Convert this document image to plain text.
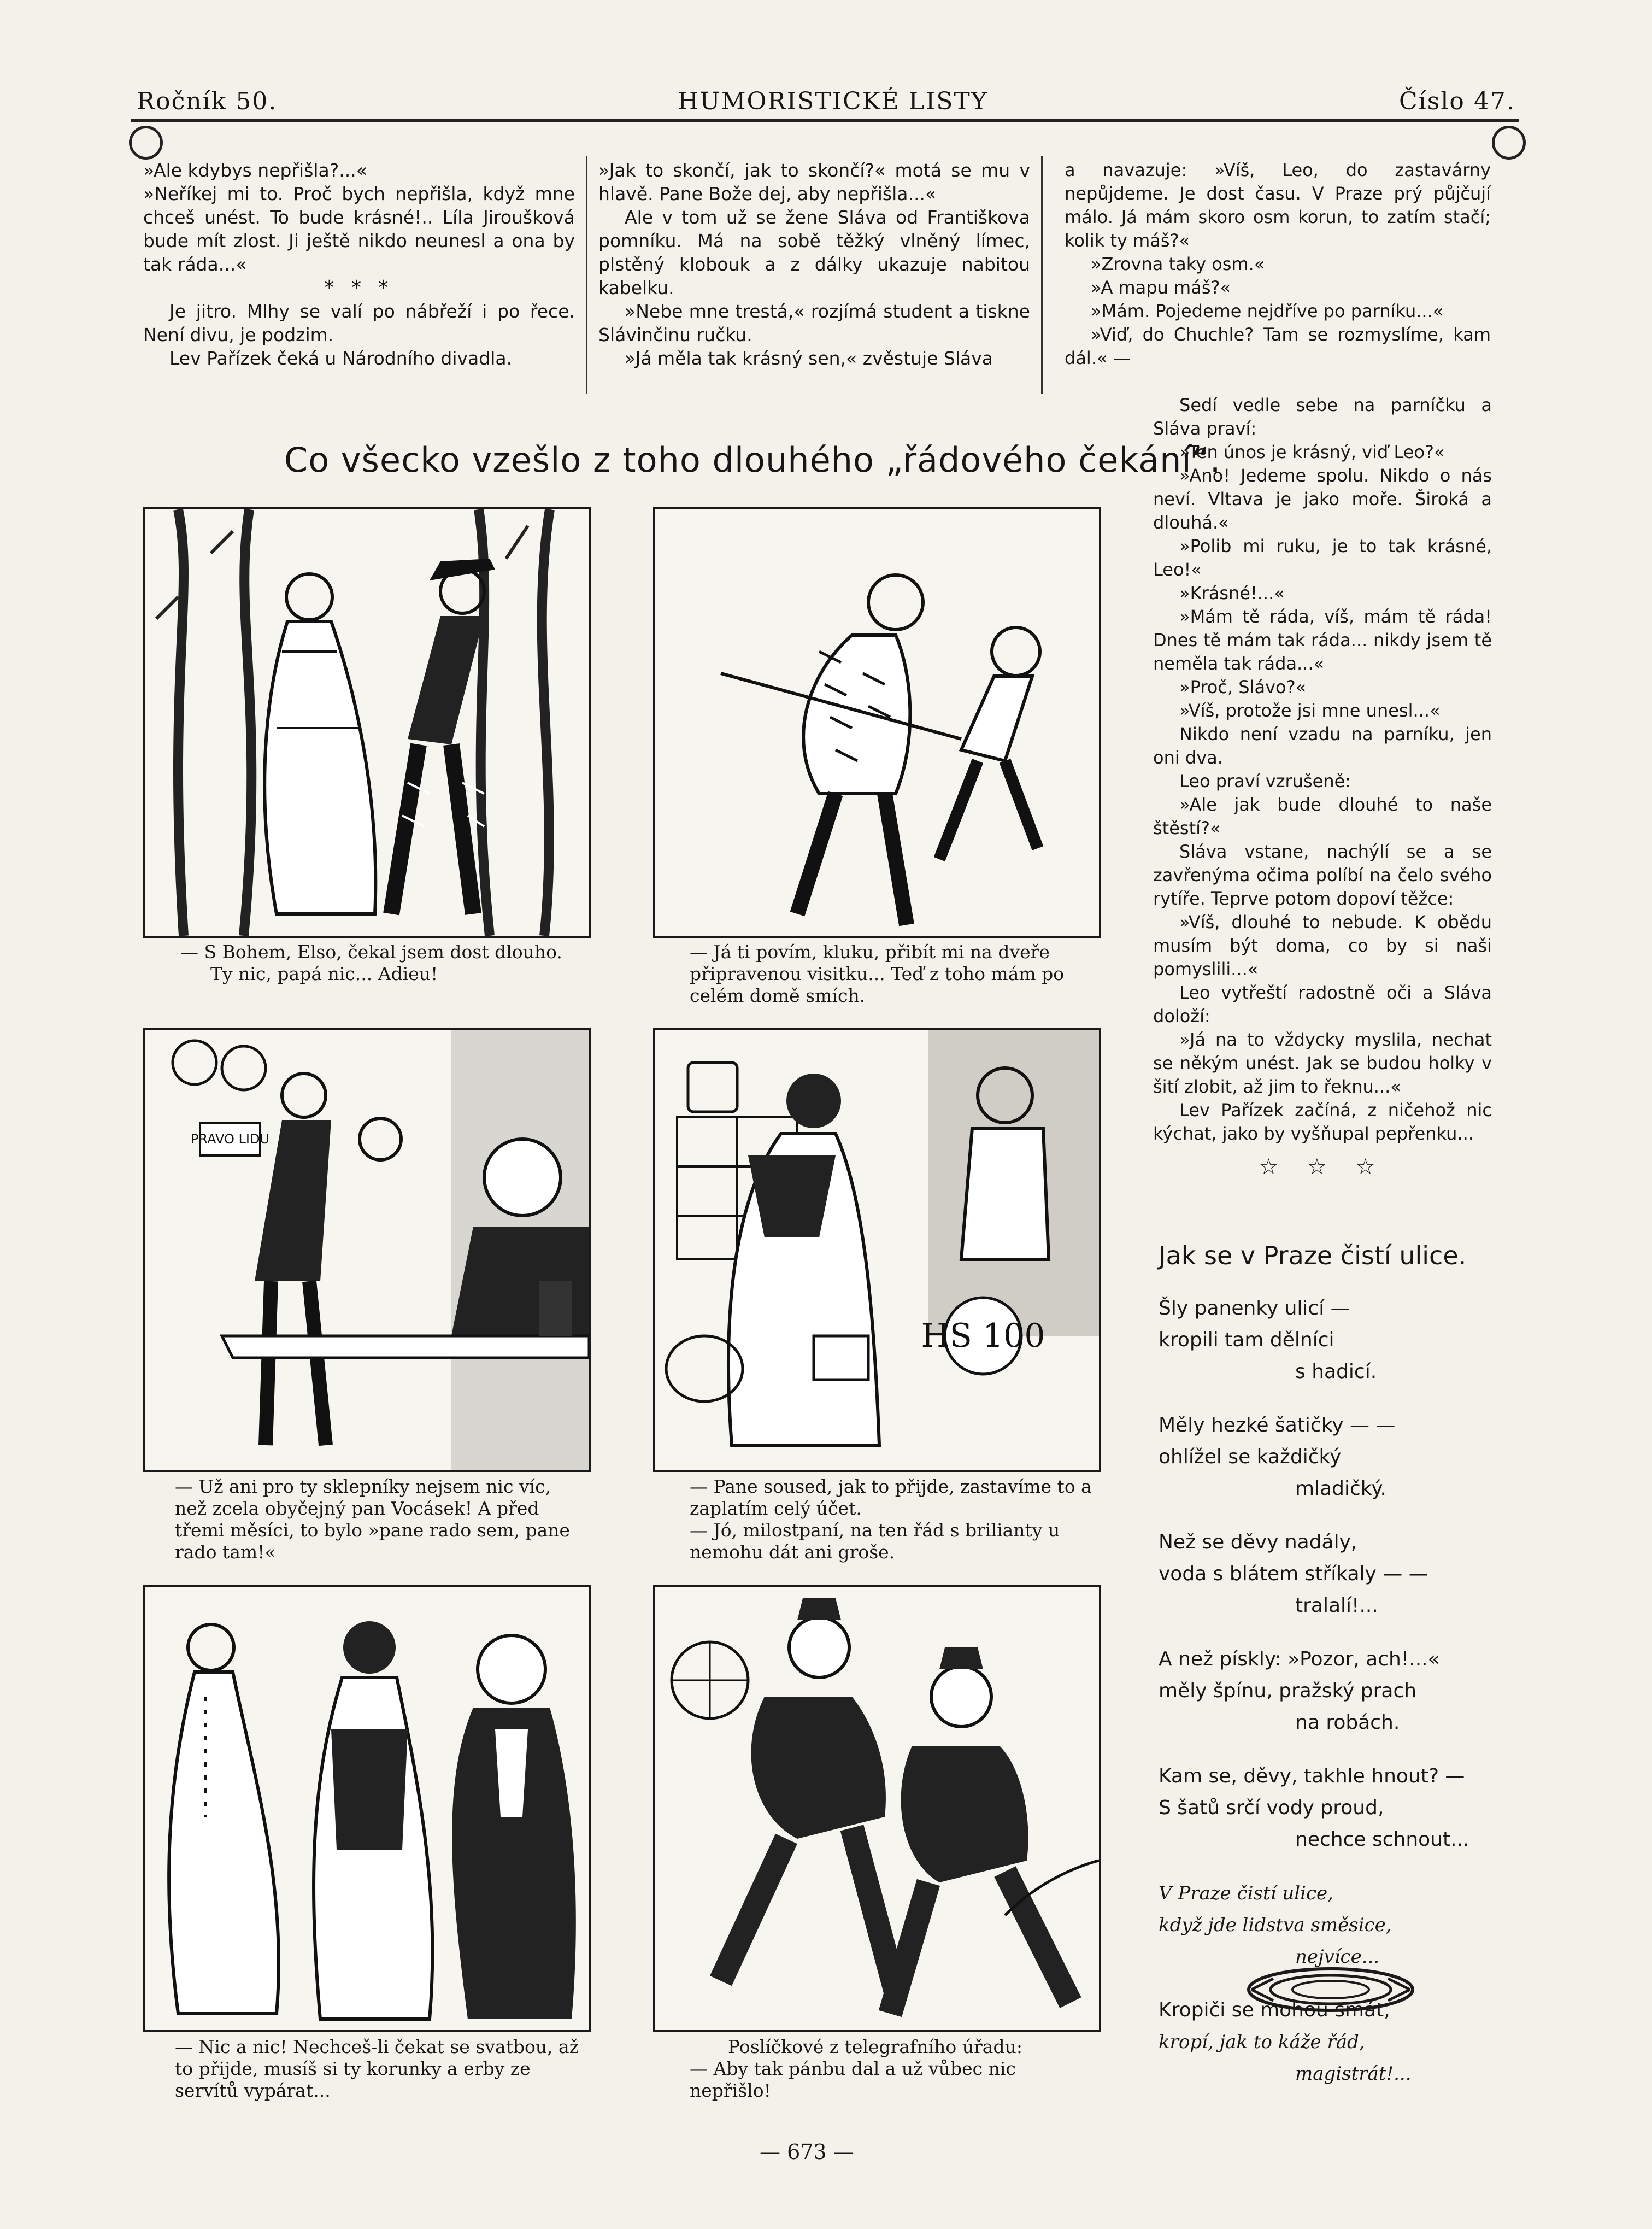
Ročník 50.	HUMORISTICKÉ LISTY	Číslo 47.

»Ale kdybys nepřišla?...«

»Neříkej mi to. Proč bych nepřišla, když mne chceš unést. To bude krásné!.. Líla Jiroušková bude mít zlost. Ji ještě nikdo neunesl a ona by tak ráda...«

* * *

Je jitro. Mlhy se valí po nábřeží i po řece. Není divu, je podzim.

Lev Pařízek čeká u Národního divadla.

»Jak to skončí, jak to skončí?« motá se mu v hlavě. Pane Bože dej, aby nepřišla...«

Ale v tom už se žene Sláva od Františkova pomníku. Má na sobě těžký vlněný límec, plstěný klobouk a z dálky ukazuje nabitou kabelku.

»Nebe mne trestá,« rozjímá student a tiskne Slávinčinu ručku.

»Já měla tak krásný sen,« zvěstuje Sláva

a navazuje: »Víš, Leo, do zastavárny nepůjdeme. Je dost času. V Praze prý půjčují málo. Já mám skoro osm korun, to zatím stačí; kolik ty máš?«

»Zrovna taky osm.«

»A mapu máš?«

»Mám. Pojedeme nejdříve po parníku...«

»Viď, do Chuchle? Tam se rozmyslíme, kam dál.« —

Sedí vedle sebe na parníčku a Sláva praví:

»Ten únos je krásný, viď Leo?«

»Ano! Jedeme spolu. Nikdo o nás neví. Vltava je jako moře. Široká a dlouhá.«

»Polib mi ruku, je to tak krásné, Leo!«

»Krásné!...«

»Mám tě ráda, víš, mám tě ráda! Dnes tě mám tak ráda... nikdy jsem tě neměla tak ráda...«

»Proč, Slávo?«

»Víš, protože jsi mne unesl...«

Nikdo není vzadu na parníku, jen oni dva.

Leo praví vzrušeně:

»Ale jak bude dlouhé to naše štěstí?«

Sláva vstane, nachýlí se a se zavřenýma očima políbí na čelo svého rytíře. Teprve potom dopoví těžce:

»Víš, dlouhé to nebude. K obědu musím být doma, co by si naši pomyslili...«

Leo vytřeští radostně oči a Sláva doloží:

»Já na to vždycky myslila, nechat se někým unést. Jak se budou holky v šití zlobit, až jim to řeknu...«

Lev Pařízek začíná, z ničehož nic kýchat, jako by vyšňupal pepřenku...

☆ ☆ ☆

Jak se v Praze čistí ulice.

Šly panenky ulicí —

kropili tam dělníci

s hadicí.

Měly hezké šatičky — —

ohlížel se každičký

mladičký.

Než se děvy nadály,

voda s blátem stříkaly — —

tralalí!...

A než pískly: »Pozor, ach!...«

měly špínu, pražský prach

na robách.

Kam se, děvy, takhle hnout? —

S šatů srčí vody proud,

nechce schnout...

V Praze čistí ulice,

když jde lidstva směsice,

nejvíce...

Kropiči se mohou smát,

kropí, jak to káže řád,

magistrát!...

Co všecko vzešlo z toho dlouhého „řádového čekání“.

— S Bohem, Elso, čekal jsem dost dlouho.

Ty nic, papá nic... Adieu!

— Já ti povím, kluku, přibít mi na dveře připravenou visitku... Teď z toho mám po celém domě smích.

PRAVO LIDU

— Už ani pro ty sklepníky nejsem nic víc, než zcela obyčejný pan Vocásek! A před třemi měsíci, to bylo »pane rado sem, pane rado tam!«

HS 100

— Pane soused, jak to přijde, zastavíme to a zaplatím celý účet.

— Jó, milostpaní, na ten řád s brilianty u nemohu dát ani groše.

— Nic a nic! Nechceš-li čekat se svatbou, až to přijde, musíš si ty korunky a erby ze servítů vypárat...

Poslíčkové z telegrafního úřadu:

— Aby tak pánbu dal a už vůbec nic nepřišlo!

— 673 —
